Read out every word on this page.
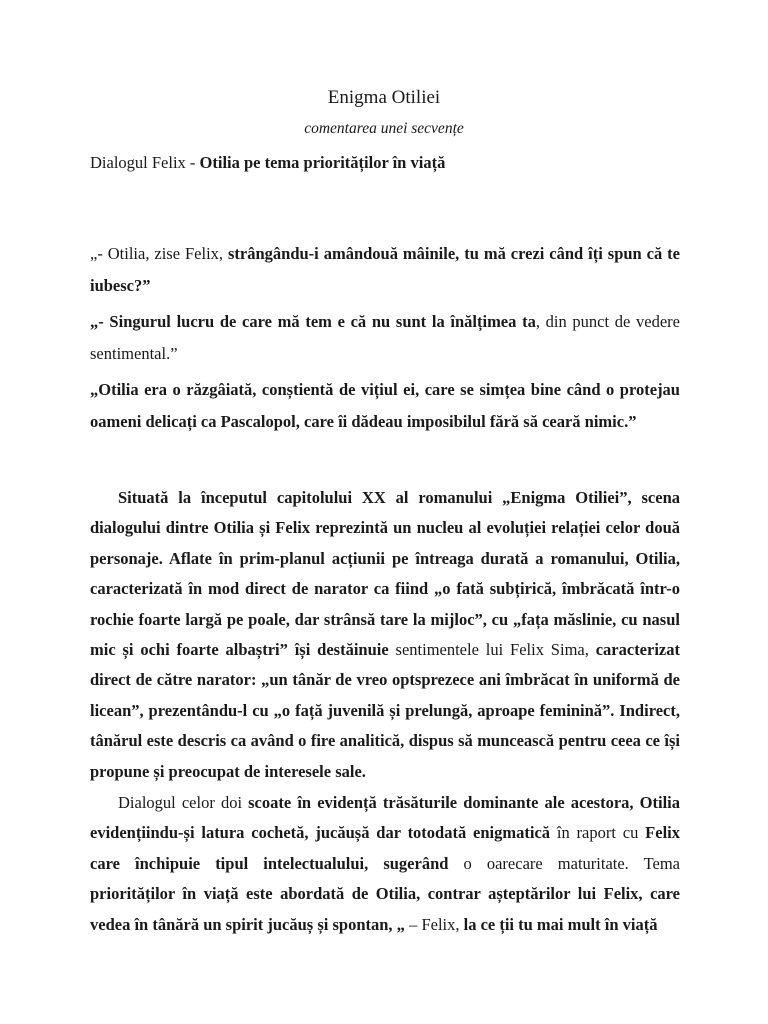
Enigma Otiliei
comentarea unei secvențe
Dialogul Felix - Otilia pe tema priorităților în viață

„- Otilia, zise Felix, strângându-i amândouă mâinile, tu mă crezi când îți spun că te iubesc?”

„- Singurul lucru de care mă tem e că nu sunt la înălțimea ta, din punct de vedere sentimental.”

„Otilia era o răzgâiată, conștientă de vițiul ei, care se simțea bine când o protejau oameni delicați ca Pascalopol, care îi dădeau imposibilul fără să ceară nimic.”

Situată la începutul capitolului XX al romanului „Enigma Otiliei”, scena dialogului dintre Otilia și Felix reprezintă un nucleu al evoluției relației celor două personaje. Aflate în prim-planul acțiunii pe întreaga durată a romanului, Otilia, caracterizată în mod direct de narator ca fiind „o fată subțirică, îmbrăcată într-o rochie foarte largă pe poale, dar strânsă tare la mijloc”, cu „fața măslinie, cu nasul mic și ochi foarte albaștri” își destăinuie sentimentele lui Felix Sima, caracterizat direct de către narator: „un tânăr de vreo optsprezece ani îmbrăcat în uniformă de licean”, prezentându-l cu „o față juvenilă și prelungă, aproape feminină”. Indirect, tânărul este descris ca având o fire analitică, dispus să muncească pentru ceea ce își propune și preocupat de interesele sale.

Dialogul celor doi scoate în evidență trăsăturile dominante ale acestora, Otilia evidențiindu-și latura cochetă, jucăușă dar totodată enigmatică în raport cu Felix care închipuie tipul intelectualului, sugerând o oarecare maturitate. Tema priorităților în viață este abordată de Otilia, contrar așteptărilor lui Felix, care vedea în tânără un spirit jucăuș și spontan, „ – Felix, la ce ții tu mai mult în viață
